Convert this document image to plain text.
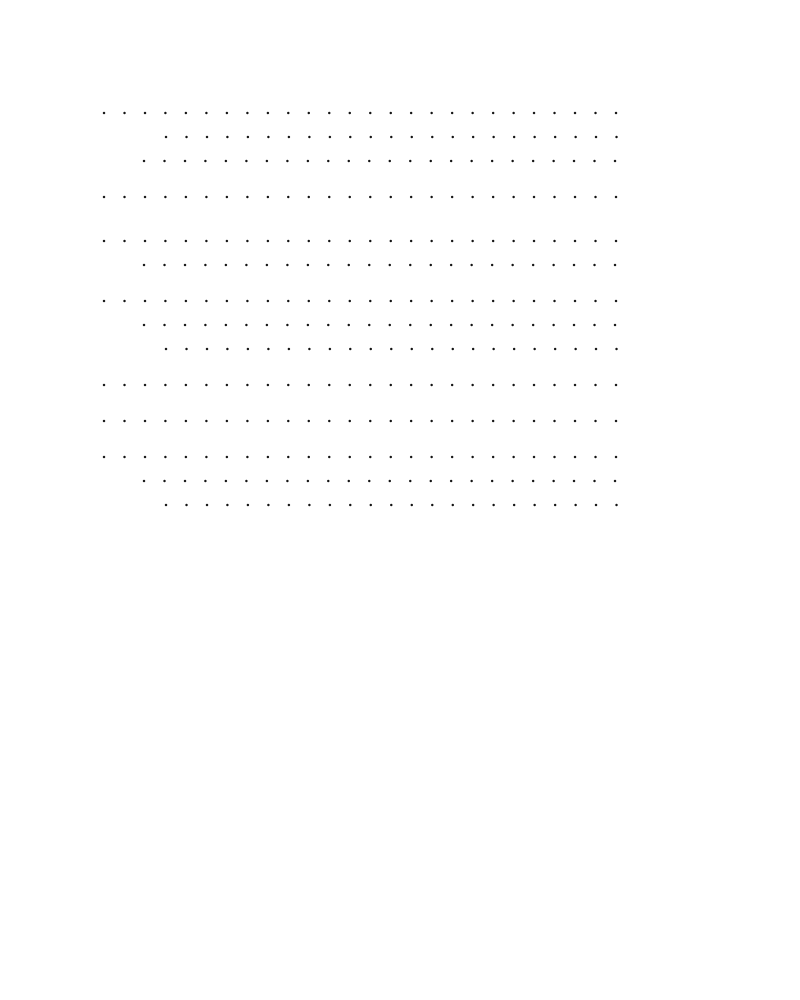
. . .
. . .
. . .
. . .
. . .
. . .
. . .
. . .
. . .
. . .
. . .
. . .
. . .
. . .
